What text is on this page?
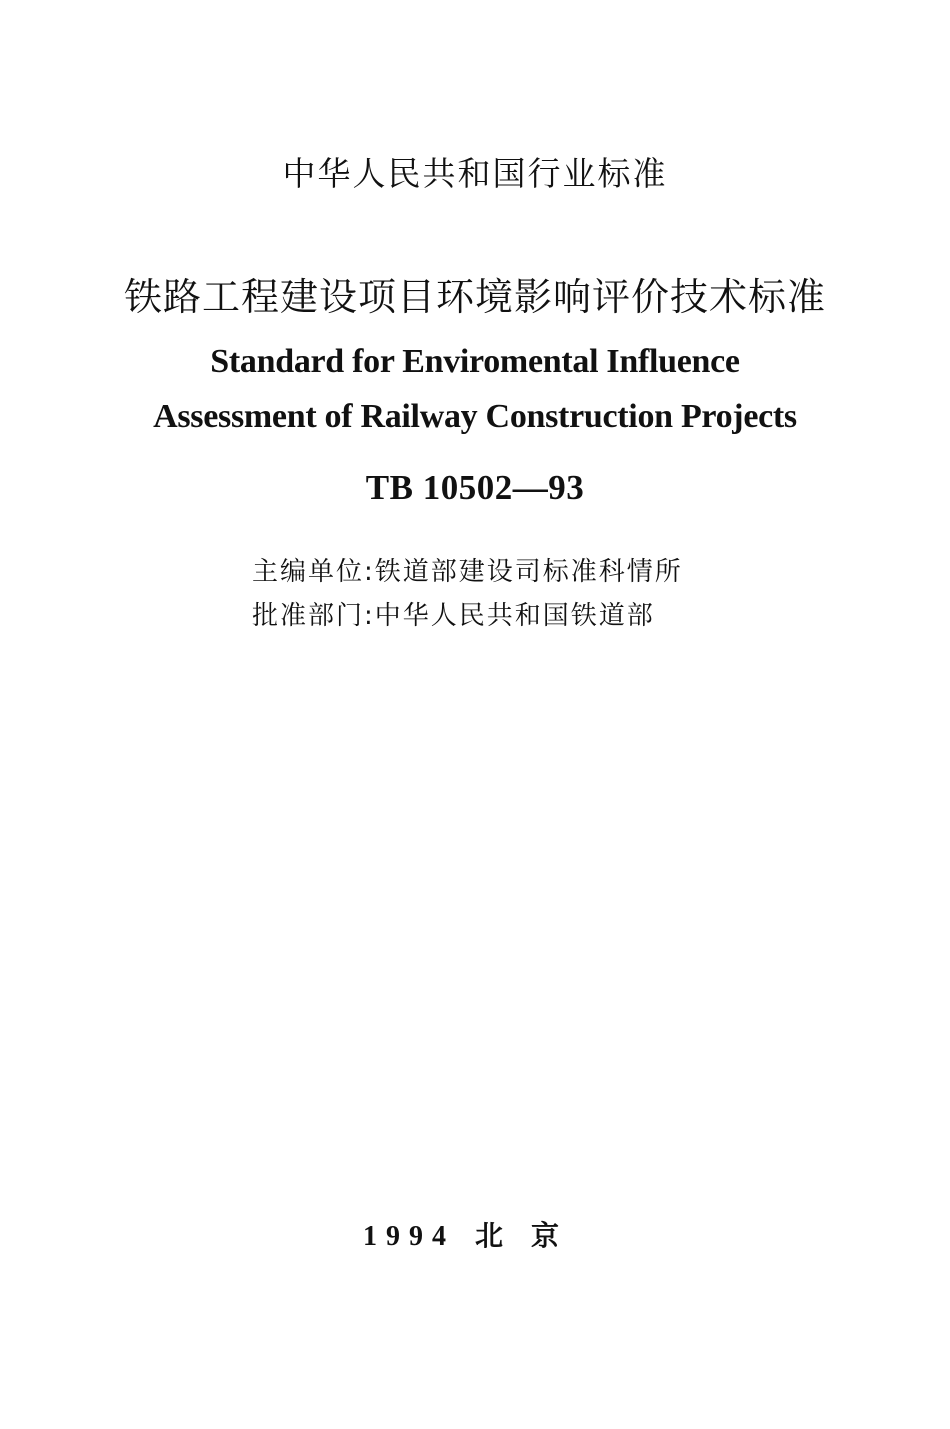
中华人民共和国行业标准
铁路工程建设项目环境影响评价技术标准
Standard for Enviromental Influence
Assessment of Railway Construction Projects
TB 10502—93
主编单位:铁道部建设司标准科情所
批准部门:中华人民共和国铁道部
1994 北京
